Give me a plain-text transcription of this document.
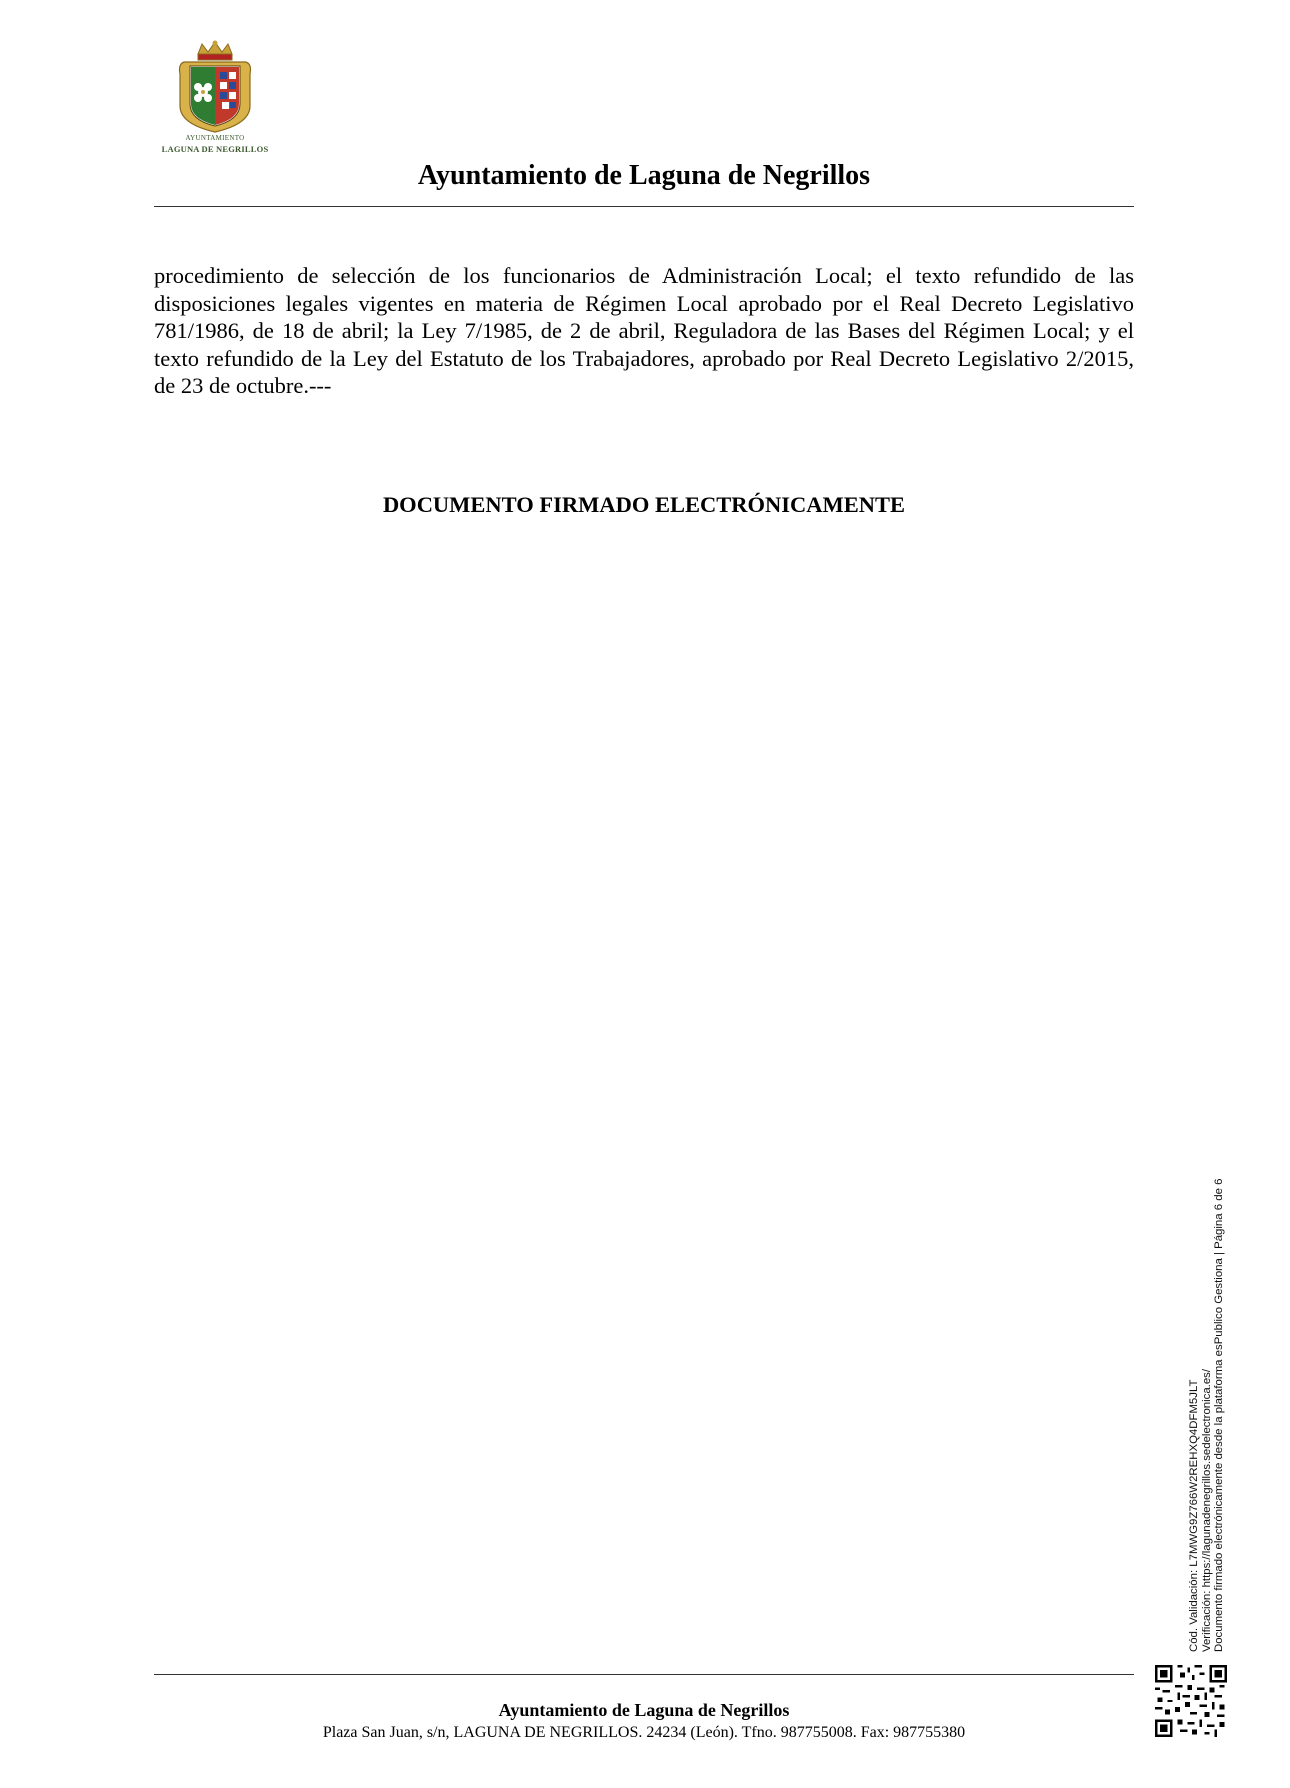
AYUNTAMIENTO
LAGUNA DE NEGRILLOS
Ayuntamiento de Laguna de Negrillos

procedimiento de selección de los funcionarios de Administración Local; el texto refundido de las disposiciones legales vigentes en materia de Régimen Local aprobado por el Real Decreto Legislativo 781/1986, de 18 de abril; la Ley 7/1985, de 2 de abril, Reguladora de las Bases del Régimen Local; y el texto refundido de la Ley del Estatuto de los Trabajadores, aprobado por Real Decreto Legislativo 2/2015, de 23 de octubre.---

DOCUMENTO FIRMADO ELECTRÓNICAMENTE

Cód. Validación: L7MWG9Z766W2REHXQ4DFM5JLT Verificación: https://lagunadenegrillos.sedelectronica.es/ Documento firmado electrónicamente desde la plataforma esPublico Gestiona | Página 6 de 6

Ayuntamiento de Laguna de Negrillos

Plaza San Juan, s/n, LAGUNA DE NEGRILLOS. 24234 (León). Tfno. 987755008. Fax: 987755380
